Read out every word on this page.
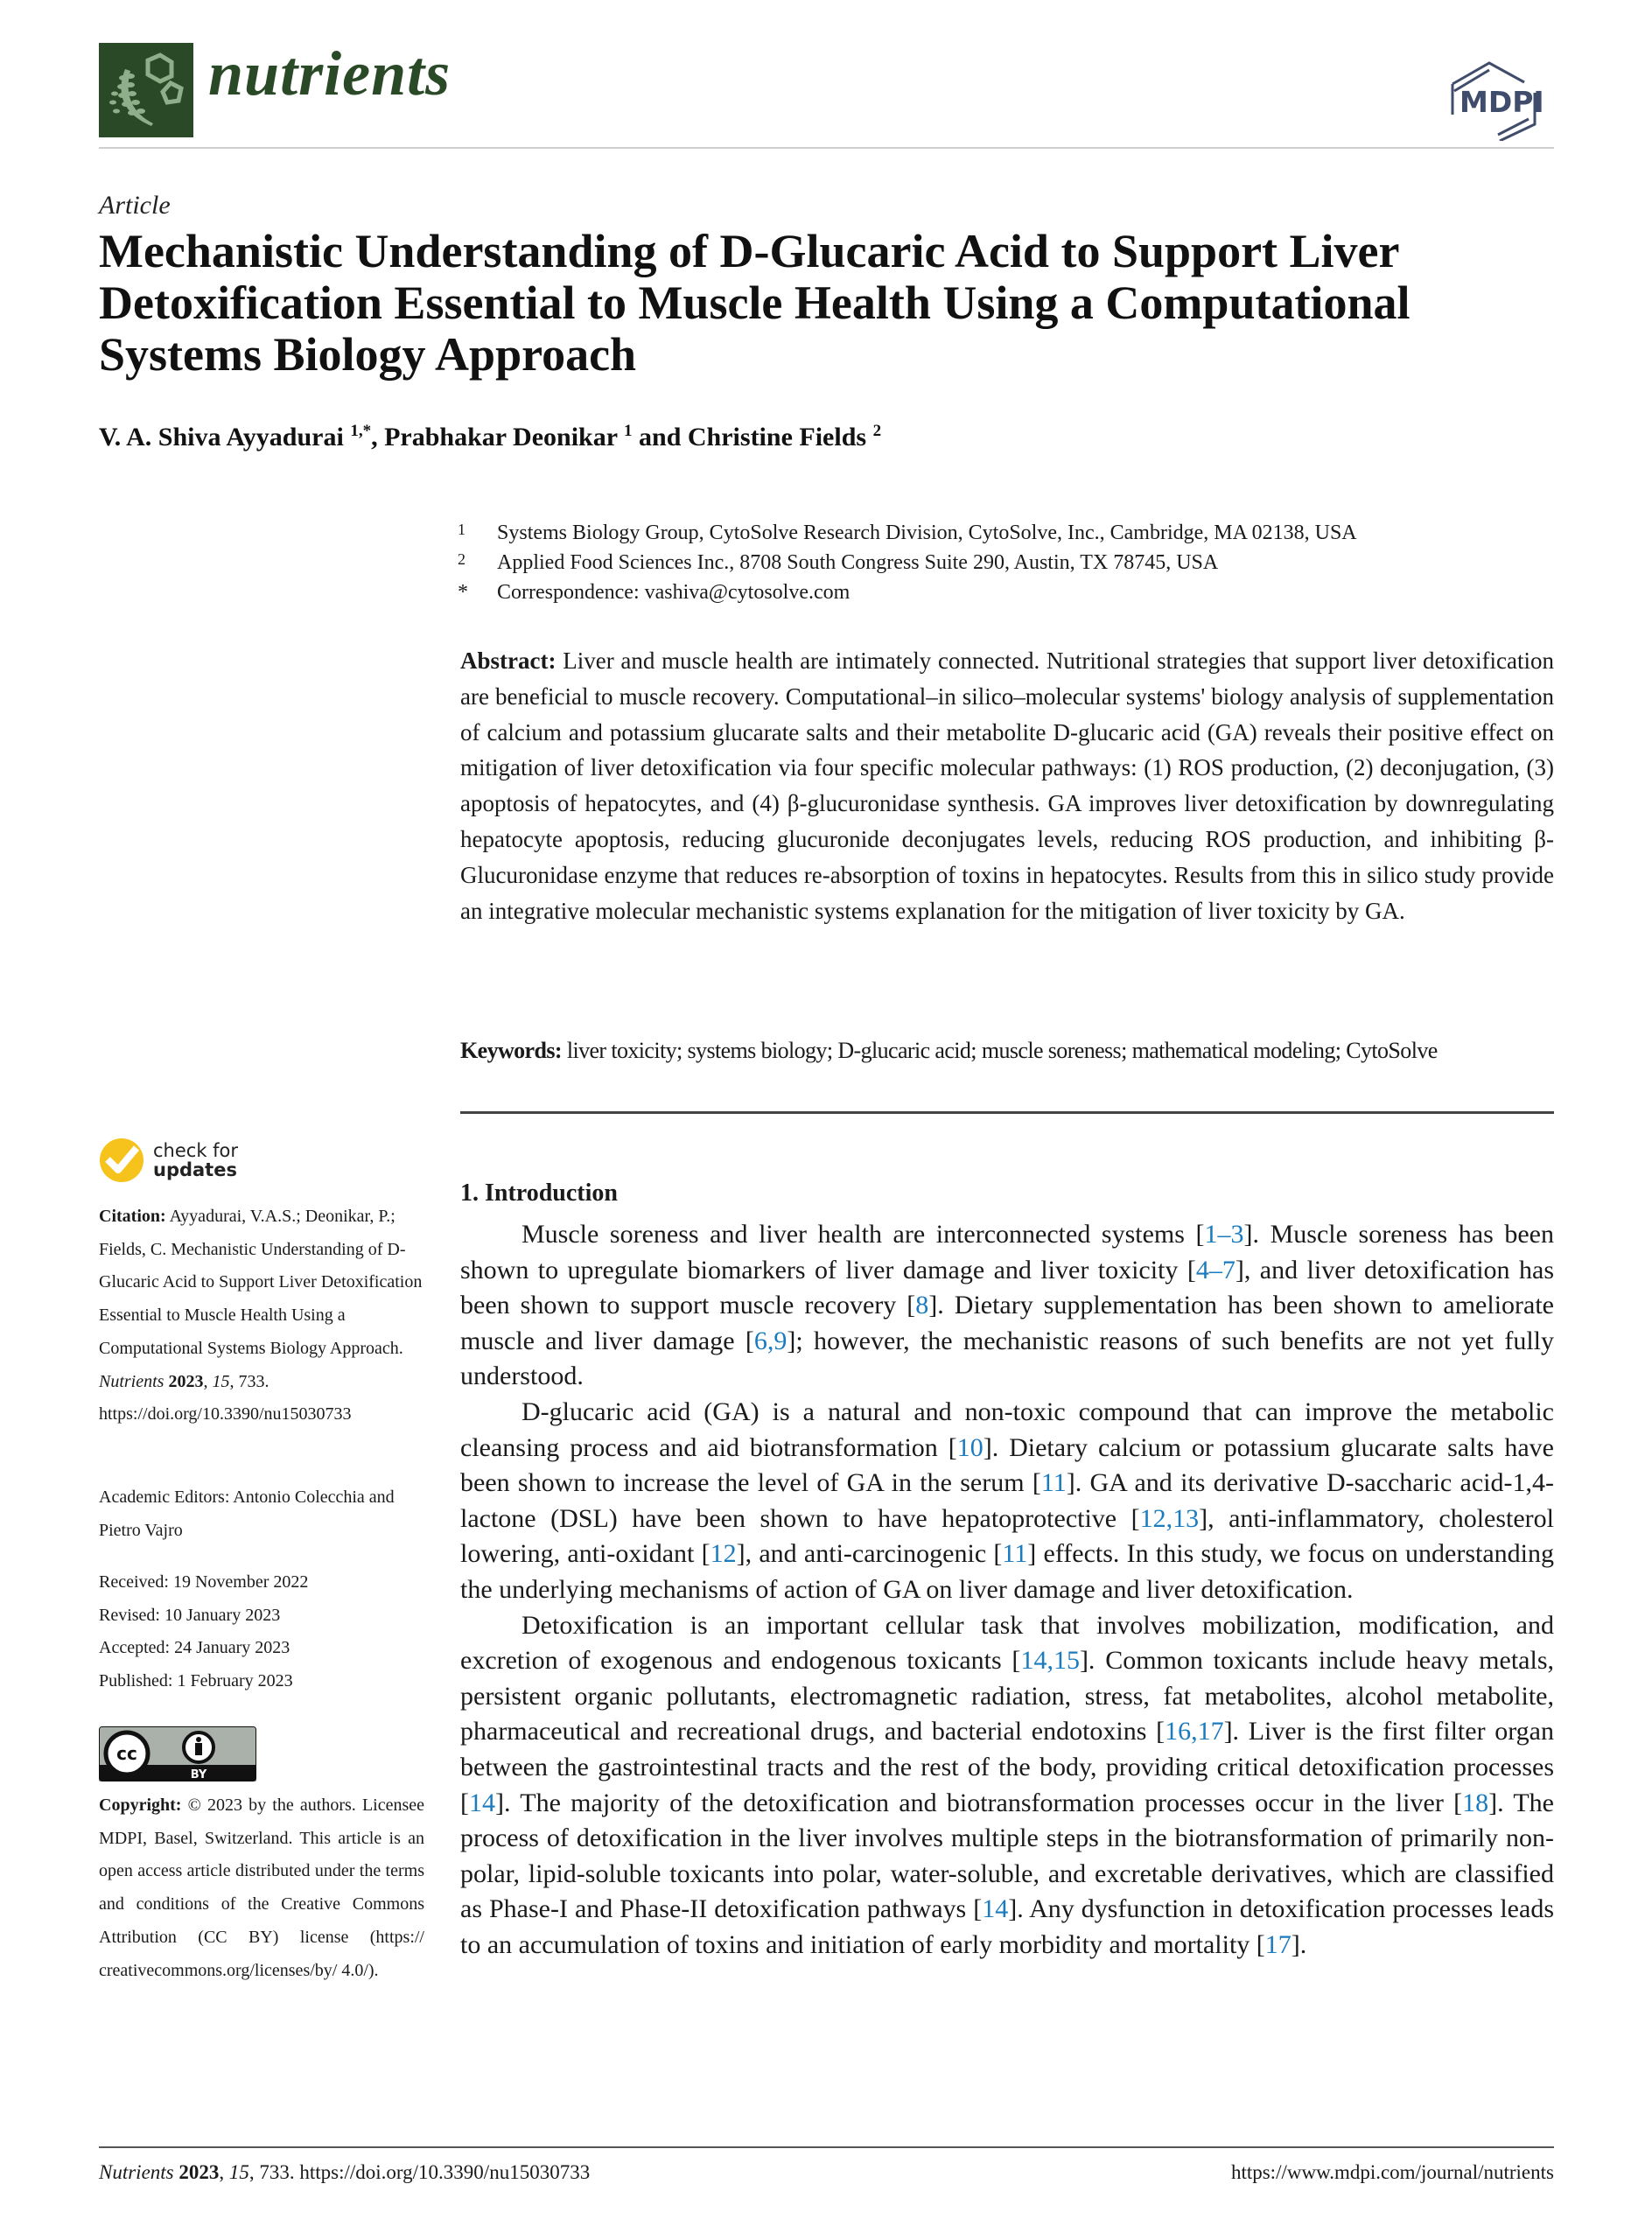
nutrients	MDPI
Article
Mechanistic Understanding of D-Glucaric Acid to Support Liver Detoxification Essential to Muscle Health Using a Computational Systems Biology Approach
V. A. Shiva Ayyadurai $^{1,*}$, Prabhakar Deonikar $^1$ and Christine Fields $^2$
1	Systems Biology Group, CytoSolve Research Division, CytoSolve, Inc., Cambridge, MA 02138, USA
2	Applied Food Sciences Inc., 8708 South Congress Suite 290, Austin, TX 78745, USA
*	Correspondence: vashiva@cytosolve.com
Abstract: Liver and muscle health are intimately connected. Nutritional strategies that support liver detoxification are beneficial to muscle recovery. Computational–in silico–molecular systems' biology analysis of supplementation of calcium and potassium glucarate salts and their metabolite D-glucaric acid (GA) reveals their positive effect on mitigation of liver detoxification via four specific molecular pathways: (1) ROS production, (2) deconjugation, (3) apoptosis of hepatocytes, and (4) β-glucuronidase synthesis. GA improves liver detoxification by downregulating hepatocyte apoptosis, reducing glucuronide deconjugates levels, reducing ROS production, and inhibiting β-Glucuronidase enzyme that reduces re-absorption of toxins in hepatocytes. Results from this in silico study provide an integrative molecular mechanistic systems explanation for the mitigation of liver toxicity by GA.
Keywords: liver toxicity; systems biology; D-glucaric acid; muscle soreness; mathematical modeling; CytoSolve
check for
updates
Citation: Ayyadurai, V.A.S.; Deonikar, P.; Fields, C. Mechanistic Understanding of D-Glucaric Acid to Support Liver Detoxification Essential to Muscle Health Using a Computational Systems Biology Approach. Nutrients 2023, 15, 733. https://doi.org/10.3390/nu15030733
Academic Editors: Antonio Colecchia and Pietro Vajro
Received: 19 November 2022
Revised: 10 January 2023
Accepted: 24 January 2023
Published: 1 February 2023
cc
BY
Copyright: © 2023 by the authors. Licensee MDPI, Basel, Switzerland. This article is an open access article distributed under the terms and conditions of the Creative Commons Attribution (CC BY) license (https:// creativecommons.org/licenses/by/ 4.0/).
1. Introduction

Muscle soreness and liver health are interconnected systems [1–3]. Muscle soreness has been shown to upregulate biomarkers of liver damage and liver toxicity [4–7], and liver detoxification has been shown to support muscle recovery [8]. Dietary supplementation has been shown to ameliorate muscle and liver damage [6,9]; however, the mechanistic reasons of such benefits are not yet fully understood.

D-glucaric acid (GA) is a natural and non-toxic compound that can improve the metabolic cleansing process and aid biotransformation [10]. Dietary calcium or potassium glucarate salts have been shown to increase the level of GA in the serum [11]. GA and its derivative D-saccharic acid-1,4-lactone (DSL) have been shown to have hepatoprotective [12,13], anti-inflammatory, cholesterol lowering, anti-oxidant [12], and anti-carcinogenic [11] effects. In this study, we focus on understanding the underlying mechanisms of action of GA on liver damage and liver detoxification.

Detoxification is an important cellular task that involves mobilization, modification, and excretion of exogenous and endogenous toxicants [14,15]. Common toxicants include heavy metals, persistent organic pollutants, electromagnetic radiation, stress, fat metabolites, alcohol metabolite, pharmaceutical and recreational drugs, and bacterial endotoxins [16,17]. Liver is the first filter organ between the gastrointestinal tracts and the rest of the body, providing critical detoxification processes [14]. The majority of the detoxification and biotransformation processes occur in the liver [18]. The process of detoxification in the liver involves multiple steps in the biotransformation of primarily non-polar, lipid-soluble toxicants into polar, water-soluble, and excretable derivatives, which are classified as Phase-I and Phase-II detoxification pathways [14]. Any dysfunction in detoxification processes leads to an accumulation of toxins and initiation of early morbidity and mortality [17].

Nutrients 2023, 15, 733. https://doi.org/10.3390/nu15030733	https://www.mdpi.com/journal/nutrients
